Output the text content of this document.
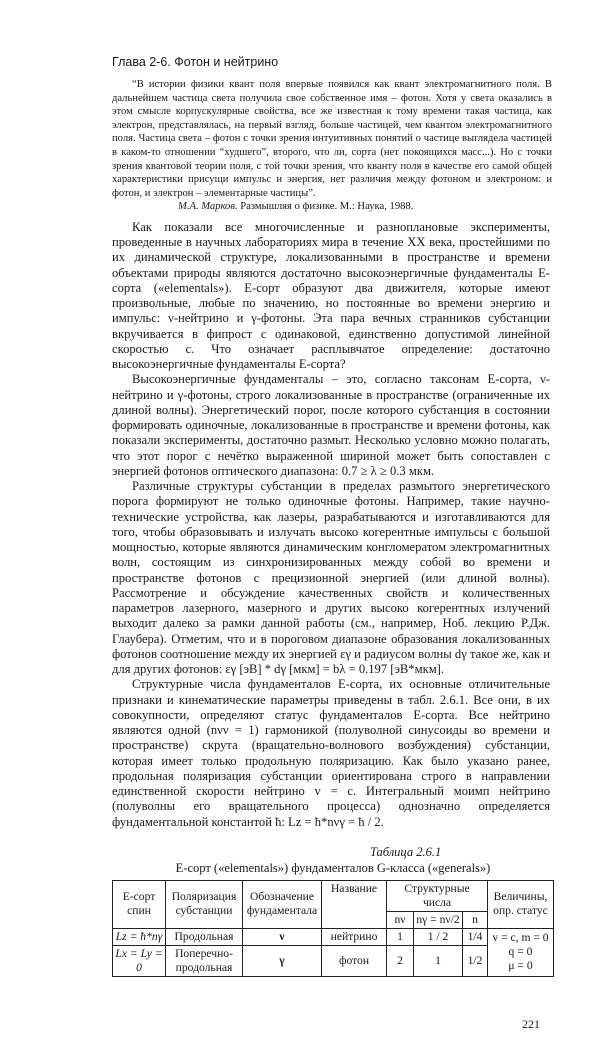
Глава 2-6. Фотон и нейтрино

“В истории физики квант поля впервые появился как квант электромагнитного поля. В дальнейшем частица света получила свое собственное имя – фотон. Хотя у света оказались в этом смысле корпускулярные свойства, все же известная к тому времени такая частица, как электрон, представлялась, на первый взгляд, больше частицей, чем квантом электромагнитного поля. Частица света – фотон с точки зрения интуитивных понятий о частице выглядела частицей в каком-то отношении “худшего”, второго, что ли, сорта (нет покоящихся масс...). Но с точки зрения квантовой теории поля, с той точки зрения, что кванту поля в качестве его самой общей характеристики присущи импульс и энергия, нет различия между фотоном и электроном: и фотон, и электрон – элементарные частицы”.

М.А. Марков. Размышляя о физике. М.: Наука, 1988.

Как показали все многочисленные и разноплановые эксперименты, проведенные в научных лабораториях мира в течение XX века, простейшими по их динамической структуре, локализованными в пространстве и времени объектами природы являются достаточно высокоэнергичные фундаменталы Е-сорта («elementals»). Е-сорт образуют два движителя, которые имеют произвольные, любые по значению, но постоянные во времени энергию и импульс: ν-нейтрино и γ-фотоны. Эта пара вечных странников субстанции вкручивается в фипрост с одинаковой, единственно допустимой линейной скоростью c. Что означает расплывчатое определение: достаточно высокоэнергичные фундаменталы Е-сорта?

Высокоэнергичные фундаменталы – это, согласно таксонам Е-сорта, ν-нейтрино и γ-фотоны, строго локализованные в пространстве (ограниченные их длиной волны). Энергетический порог, после которого субстанция в состоянии формировать одиночные, локализованные в пространстве и времени фотоны, как показали эксперименты, достаточно размыт. Несколько условно можно полагать, что этот порог с нечётко выраженной шириной может быть сопоставлен с энергией фотонов оптического диапазона: 0.7 ≥ λ ≥ 0.3 мкм.

Различные структуры субстанции в пределах размытого энергетического порога формируют не только одиночные фотоны. Например, такие научно-технические устройства, как лазеры, разрабатываются и изготавливаются для того, чтобы образовывать и излучать высоко когерентные импульсы с большой мощностью, которые являются динамическим конгломератом электромагнитных волн, состоящим из синхронизированных между собой во времени и пространстве фотонов с прецизионной энергией (или длиной волны). Рассмотрение и обсуждение качественных свойств и количественных параметров лазерного, мазерного и других высоко когерентных излучений выходит далеко за рамки данной работы (см., например, Ноб. лекцию Р.Дж. Глаубера). Отметим, что и в пороговом диапазоне образования локализованных фотонов соотношение между их энергией εγ и радиусом волны dγ такое же, как и для других фотонов: εγ [эВ] * dγ [мкм] = bλ = 0.197 [эВ*мкм].

Структурные числа фундаменталов Е-сорта, их основные отличительные признаки и кинематические параметры приведены в табл. 2.6.1. Все они, в их совокупности, определяют статус фундаменталов Е-сорта. Все нейтрино являются одной (nνν = 1) гармоникой (полуволной синусоиды во времени и пространстве) скрута (вращательно-волнового возбуждения) субстанции, которая имеет только продольную поляризацию. Как было указано ранее, продольная поляризация субстанции ориентирована строго в направлении единственной скорости нейтрино v = c. Интегральный моимп нейтрино (полуволны его вращательного процесса) однозначно определяется фундаментальной константой ħ: Lz = ħ*nνγ = ħ / 2.

Таблица 2.6.1
Е-сорт («elementals») фундаменталов G-класса («generals»)
Е-сорт спин	Поляризация субстанции	Обозначение фундаментала	Название	Структурные числа			Величины, опр. статус
				nν	nγ = nν/2	n	
Lz = ħ*nγ	Продольная	ν	нейтрино	1	1 / 2	1/4	v = c, m = 0
q = 0
μ = 0

Lx = Ly = 0	Поперечно-продольная	γ	фотон	2	1	1/2	
221
